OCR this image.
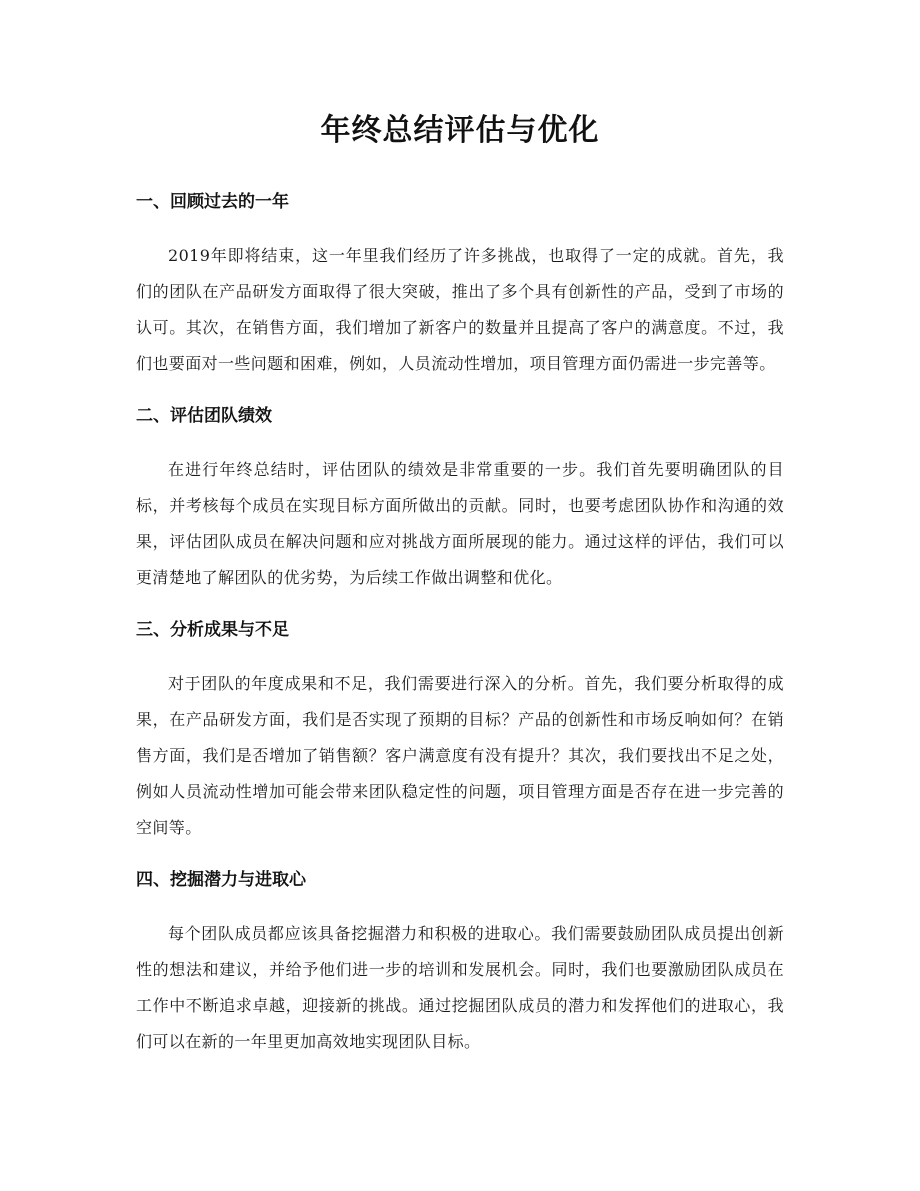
年终总结评估与优化
一、回顾过去的一年

2019年即将结束，这一年里我们经历了许多挑战，也取得了一定的成就。首先，我们的团队在产品研发方面取得了很大突破，推出了多个具有创新性的产品，受到了市场的认可。其次，在销售方面，我们增加了新客户的数量并且提高了客户的满意度。不过，我们也要面对一些问题和困难，例如，人员流动性增加，项目管理方面仍需进一步完善等。

二、评估团队绩效

在进行年终总结时，评估团队的绩效是非常重要的一步。我们首先要明确团队的目标，并考核每个成员在实现目标方面所做出的贡献。同时，也要考虑团队协作和沟通的效果，评估团队成员在解决问题和应对挑战方面所展现的能力。通过这样的评估，我们可以更清楚地了解团队的优劣势，为后续工作做出调整和优化。

三、分析成果与不足

对于团队的年度成果和不足，我们需要进行深入的分析。首先，我们要分析取得的成果，在产品研发方面，我们是否实现了预期的目标？产品的创新性和市场反响如何？在销售方面，我们是否增加了销售额？客户满意度有没有提升？其次，我们要找出不足之处，例如人员流动性增加可能会带来团队稳定性的问题，项目管理方面是否存在进一步完善的空间等。

四、挖掘潜力与进取心

每个团队成员都应该具备挖掘潜力和积极的进取心。我们需要鼓励团队成员提出创新性的想法和建议，并给予他们进一步的培训和发展机会。同时，我们也要激励团队成员在工作中不断追求卓越，迎接新的挑战。通过挖掘团队成员的潜力和发挥他们的进取心，我们可以在新的一年里更加高效地实现团队目标。
